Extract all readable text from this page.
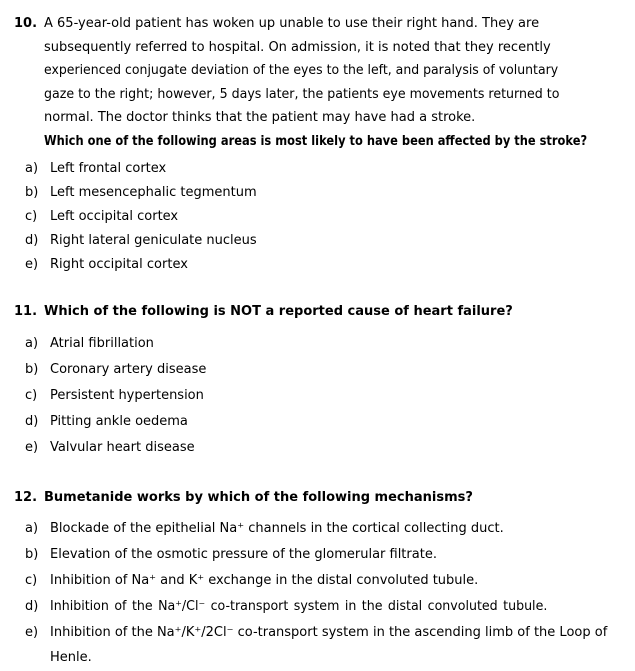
10. A 65-year-old patient has woken up unable to use their right hand. They are
subsequently referred to hospital. On admission, it is noted that they recently
experienced conjugate deviation of the eyes to the left, and paralysis of voluntary
gaze to the right; however, 5 days later, the patients eye movements returned to
normal. The doctor thinks that the patient may have had a stroke.
Which one of the following areas is most likely to have been affected by the stroke?
a) Left frontal cortex
b) Left mesencephalic tegmentum
c) Left occipital cortex
d) Right lateral geniculate nucleus
e) Right occipital cortex
11. Which of the following is NOT a reported cause of heart failure?
a) Atrial fibrillation
b) Coronary artery disease
c) Persistent hypertension
d) Pitting ankle oedema
e) Valvular heart disease
12. Bumetanide works by which of the following mechanisms?
a) Blockade of the epithelial Na⁺ channels in the cortical collecting duct.
b) Elevation of the osmotic pressure of the glomerular filtrate.
c) Inhibition of Na⁺ and K⁺ exchange in the distal convoluted tubule.
d) Inhibition of the Na⁺/Cl⁻ co-transport system in the distal convoluted tubule.
e) Inhibition of the Na⁺/K⁺/2Cl⁻ co-transport system in the ascending limb of the Loop of Henle.
